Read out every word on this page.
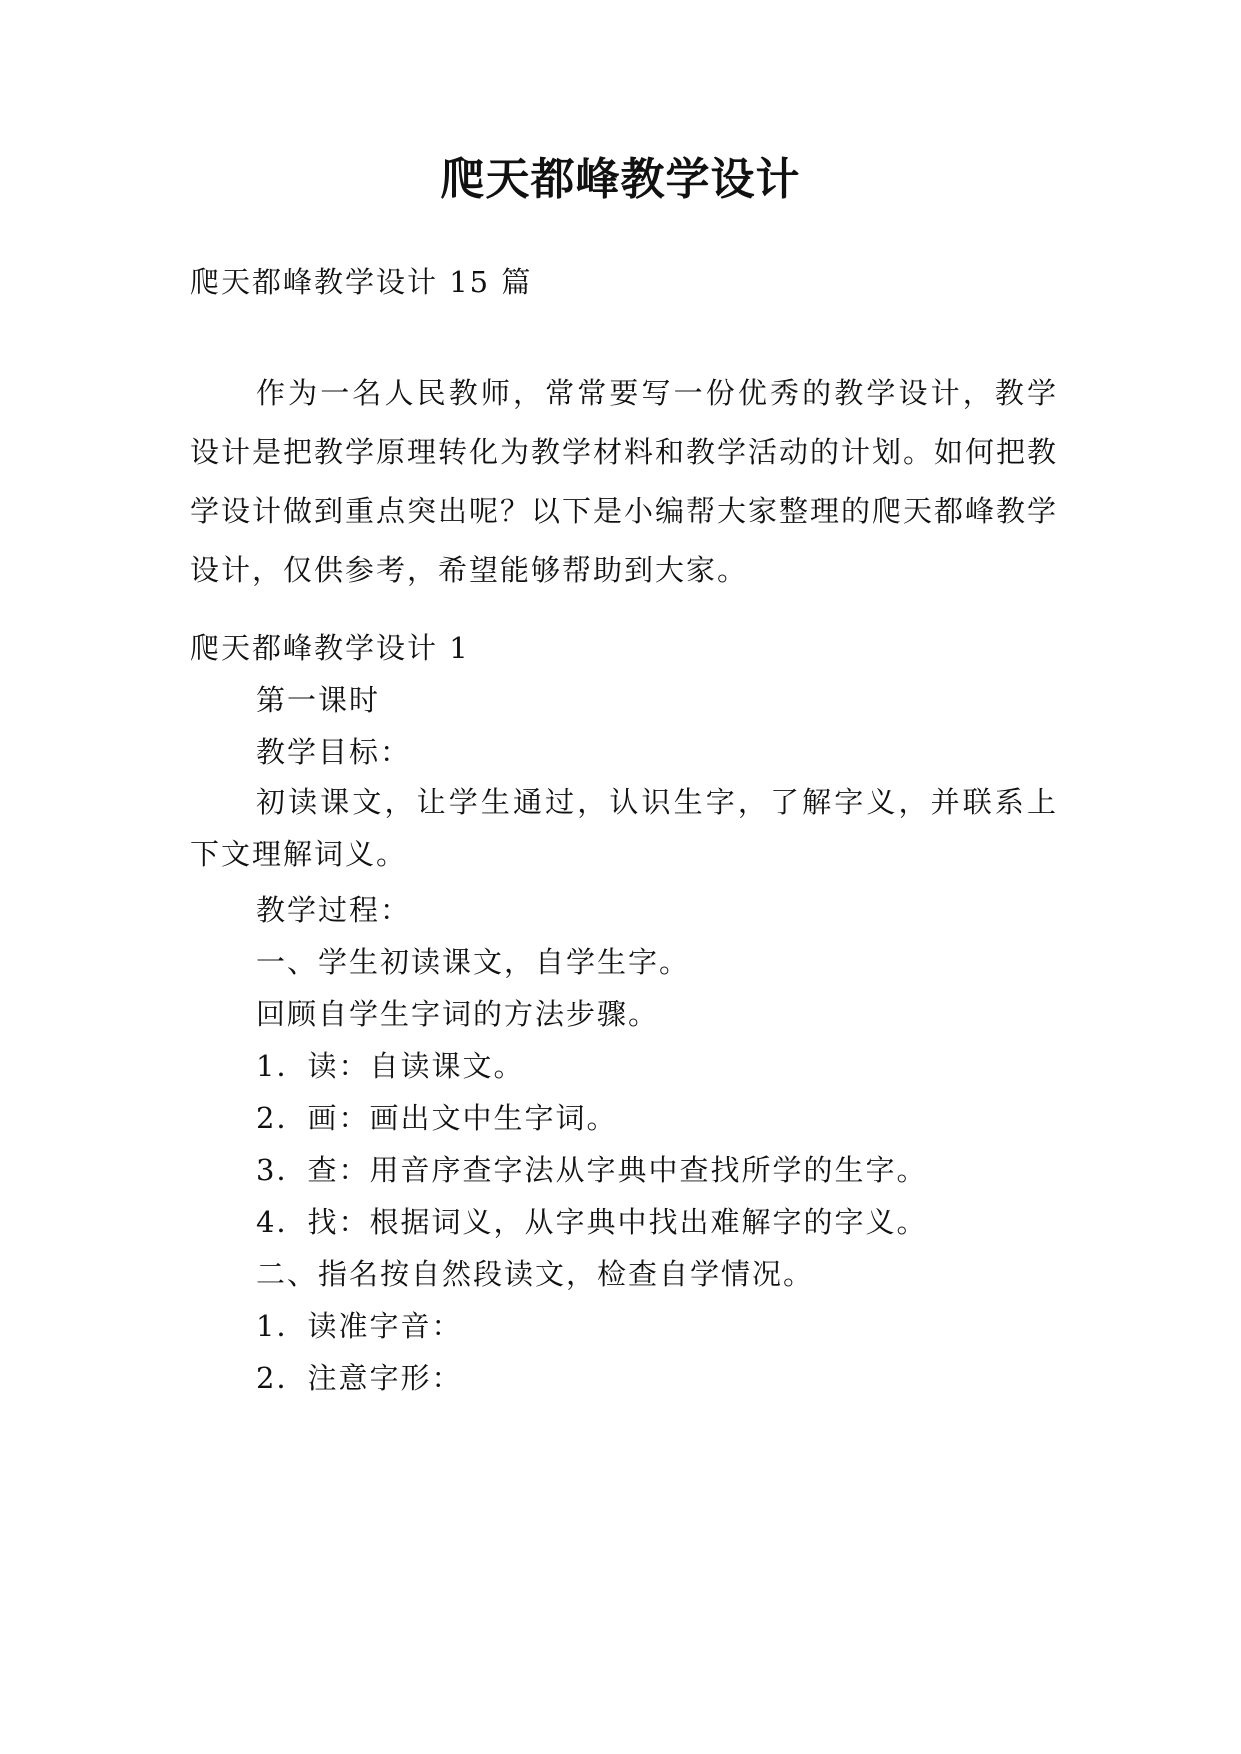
爬天都峰教学设计

爬天都峰教学设计 15 篇

作为一名人民教师，常常要写一份优秀的教学设计，教学设计是把教学原理转化为教学材料和教学活动的计划。如何把教学设计做到重点突出呢？以下是小编帮大家整理的爬天都峰教学设计，仅供参考，希望能够帮助到大家。

爬天都峰教学设计 1

第一课时

教学目标：

初读课文，让学生通过，认识生字，了解字义，并联系上下文理解词义。

教学过程：

一、学生初读课文，自学生字。

回顾自学生字词的方法步骤。

1．读：自读课文。

2．画：画出文中生字词。

3．查：用音序查字法从字典中查找所学的生字。

4．找：根据词义，从字典中找出难解字的字义。

二、指名按自然段读文，检查自学情况。

1．读准字音：

2．注意字形：
